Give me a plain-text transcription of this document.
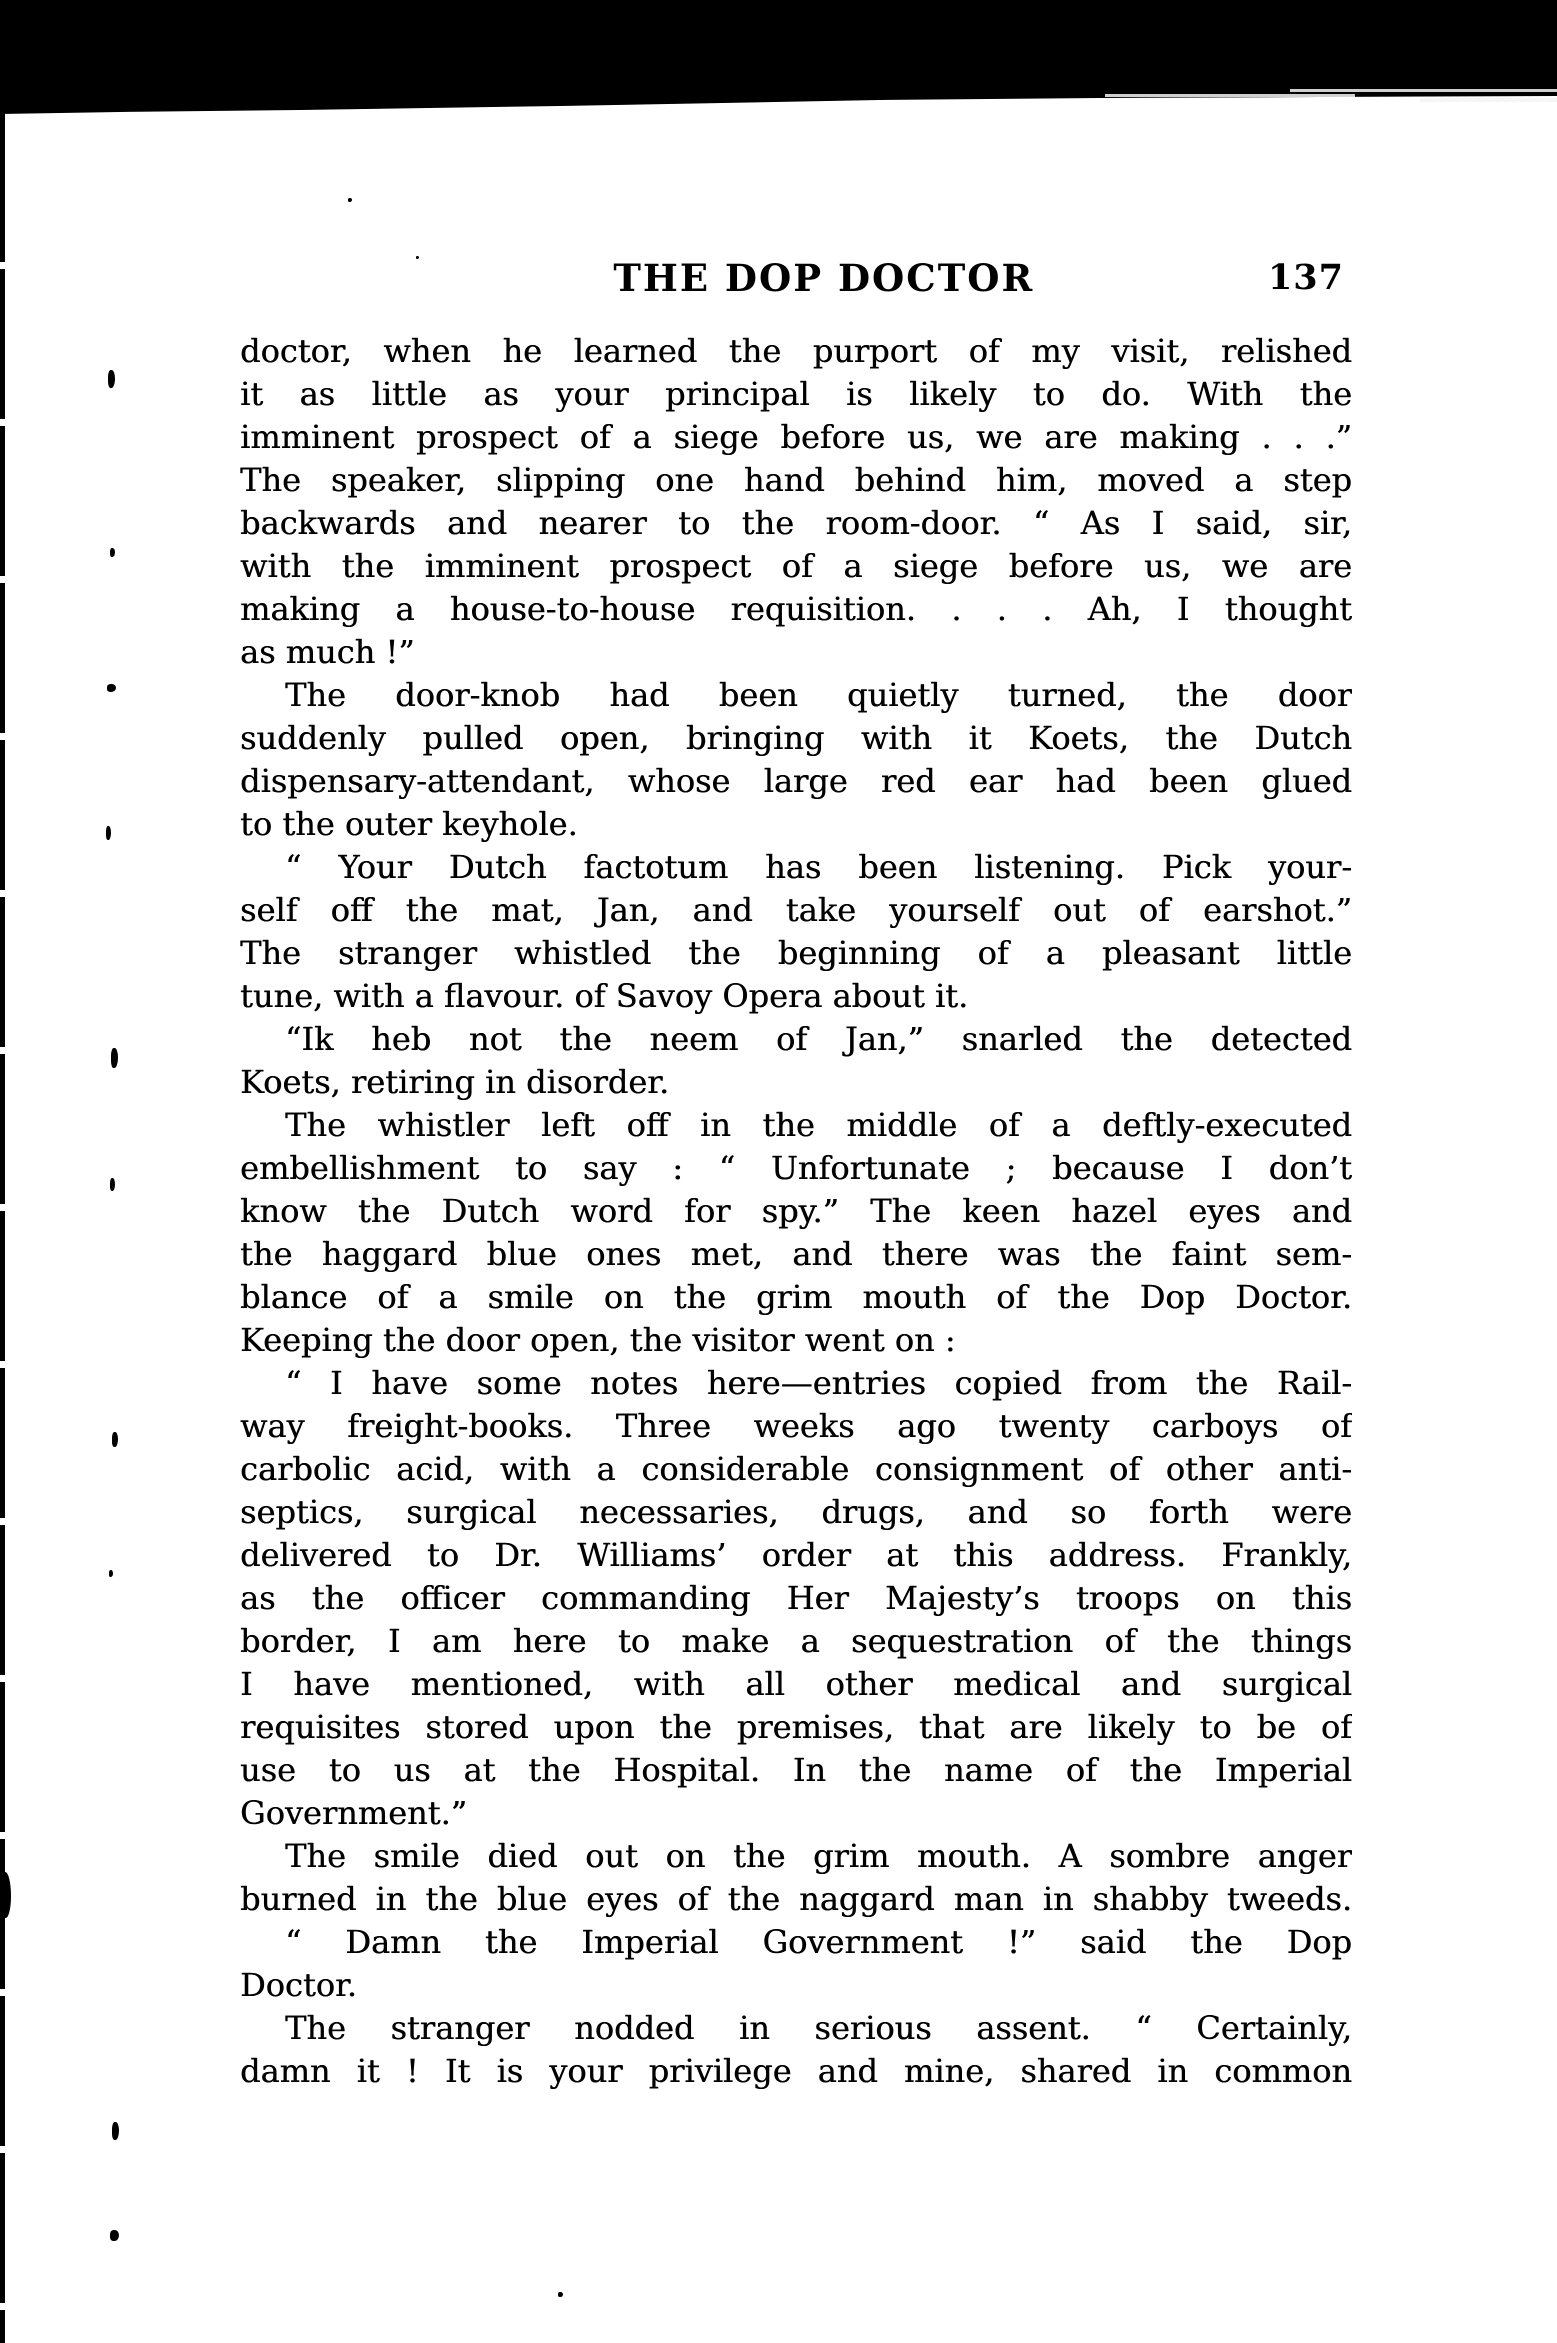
THE DOP DOCTOR	137
doctor, when he learned the purport of my visit, relished
it as little as your principal is likely to do. With the
imminent prospect of a siege before us, we are making . . .”
The speaker, slipping one hand behind him, moved a step
backwards and nearer to the room-door. “ As I said, sir,
with the imminent prospect of a siege before us, we are
making a house-to-house requisition. . . . Ah, I thought
as much !”
The door-knob had been quietly turned, the door
suddenly pulled open, bringing with it Koets, the Dutch
dispensary-attendant, whose large red ear had been glued
to the outer keyhole.
“ Your Dutch factotum has been listening. Pick your-
self off the mat, Jan, and take yourself out of earshot.”
The stranger whistled the beginning of a pleasant little
tune, with a flavour. of Savoy Opera about it.
“Ik heb not the neem of Jan,” snarled the detected
Koets, retiring in disorder.
The whistler left off in the middle of a deftly-executed
embellishment to say : “ Unfortunate ; because I don’t
know the Dutch word for spy.” The keen hazel eyes and
the haggard blue ones met, and there was the faint sem-
blance of a smile on the grim mouth of the Dop Doctor.
Keeping the door open, the visitor went on :
“ I have some notes here—entries copied from the Rail-
way freight-books. Three weeks ago twenty carboys of
carbolic acid, with a considerable consignment of other anti-
septics, surgical necessaries, drugs, and so forth were
delivered to Dr. Williams’ order at this address. Frankly,
as the officer commanding Her Majesty’s troops on this
border, I am here to make a sequestration of the things
I have mentioned, with all other medical and surgical
requisites stored upon the premises, that are likely to be of
use to us at the Hospital. In the name of the Imperial
Government.”
The smile died out on the grim mouth. A sombre anger
burned in the blue eyes of the naggard man in shabby tweeds.
“ Damn the Imperial Government !” said the Dop
Doctor.
The stranger nodded in serious assent. “ Certainly,
damn it ! It is your privilege and mine, shared in common
